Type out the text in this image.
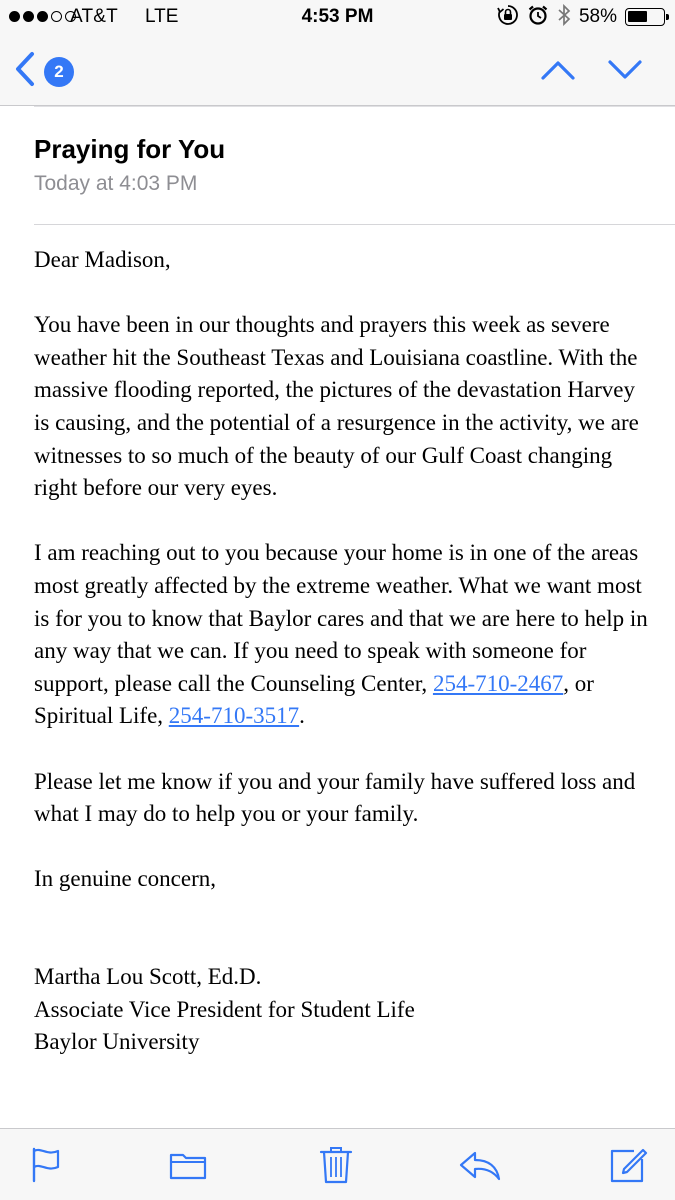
AT&T LTE	4:53 PM	58%
2
Praying for You
Today at 4:03 PM

Dear Madison,

You have been in our thoughts and prayers this week as severe weather hit the Southeast Texas and Louisiana coastline. With the massive flooding reported, the pictures of the devastation Harvey is causing, and the potential of a resurgence in the activity, we are witnesses to so much of the beauty of our Gulf Coast changing right before our very eyes.

I am reaching out to you because your home is in one of the areas most greatly affected by the extreme weather. What we want most is for you to know that Baylor cares and that we are here to help in any way that we can. If you need to speak with someone for support, please call the Counseling Center, 254-710-2467, or Spiritual Life, 254-710-3517.

Please let me know if you and your family have suffered loss and what I may do to help you or your family.

In genuine concern,

Martha Lou Scott, Ed.D.

Associate Vice President for Student Life

Baylor University
